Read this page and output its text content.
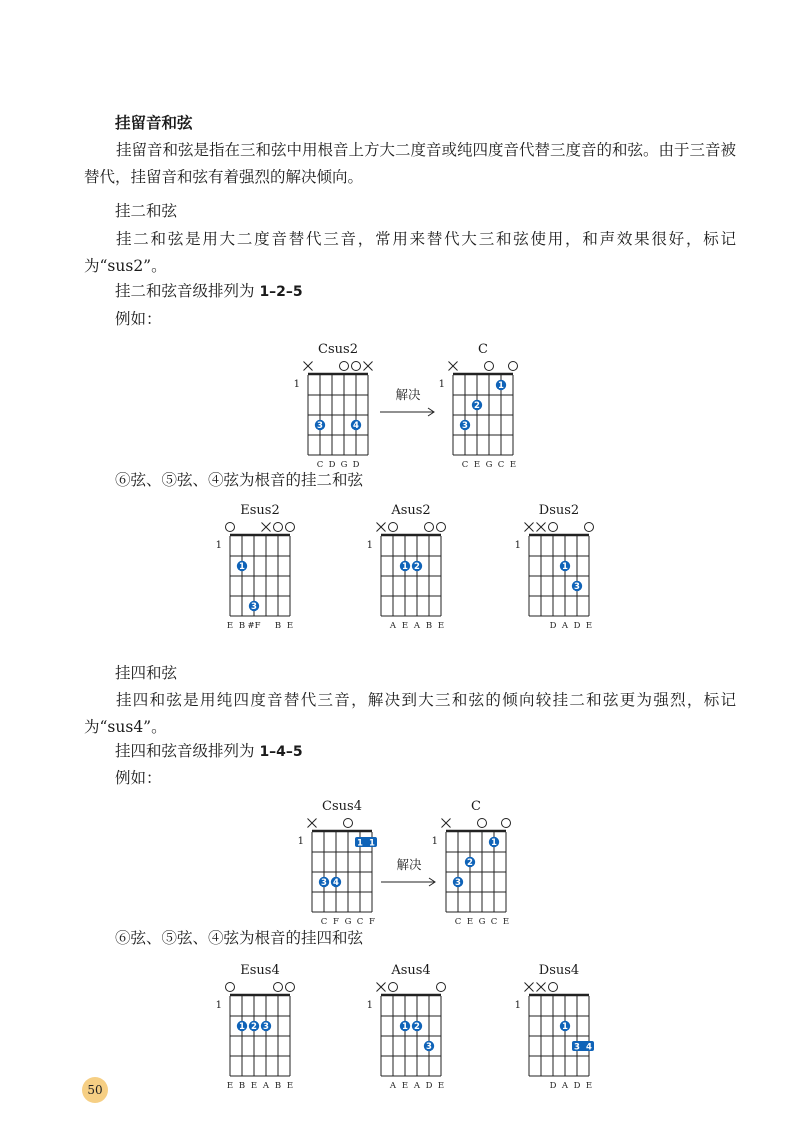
挂留音和弦
挂留音和弦是指在三和弦中用根音上方大二度音或纯四度音代替三度音的和弦。由于三音被替代，挂留音和弦有着强烈的解决倾向。
挂二和弦
挂二和弦是用大二度音替代三音，常用来替代大三和弦使用，和声效果很好，标记为“sus2”。
挂二和弦音级排列为 1–2–5
例如：
Csus2
1
3	4
C D G D
解决
C
1
3
2
1
C E G C E
⑥弦、⑤弦、④弦为根音的挂二和弦
Esus2
1
1
3
E B #F B E
Asus2
1
1 2
A E A B E
Dsus2
1
1
3
D A D E
挂四和弦
挂四和弦是用纯四度音替代三音，解决到大三和弦的倾向较挂二和弦更为强烈，标记为“sus4”。
挂四和弦音级排列为 1–4–5
例如：
Csus4
1	1 1
3 4
C F G C F
解决
C
1
3
2
1
C E G C E
⑥弦、⑤弦、④弦为根音的挂四和弦
Esus4
1
1 2 3
E B E A B E
Asus4
1
1 2
3
A E A D E
Dsus4
1
3 4
1
D A D E
50
